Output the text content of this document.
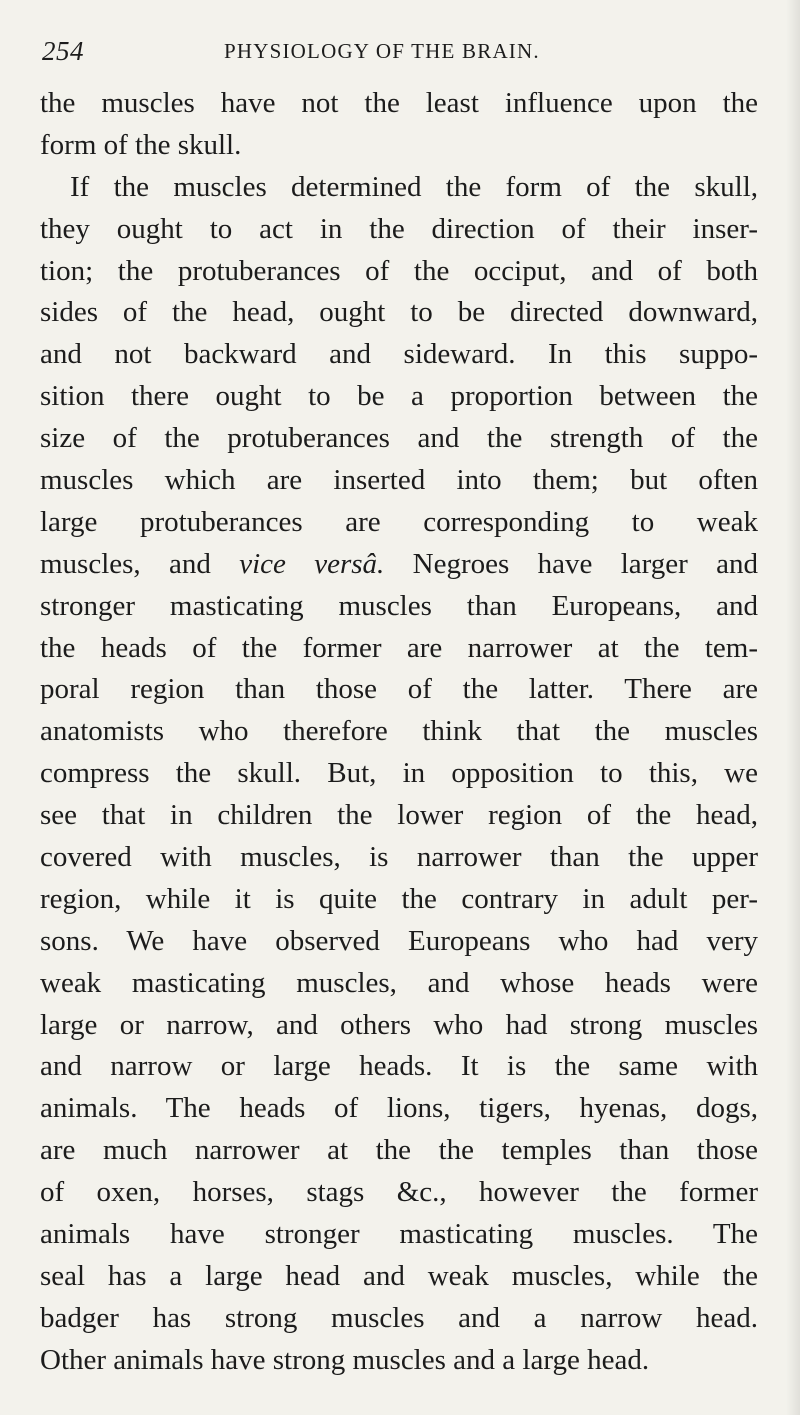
254	PHYSIOLOGY OF THE BRAIN.
the muscles have not the least influence upon the
form of the skull.
If the muscles determined the form of the skull,
they ought to act in the direction of their inser-
tion; the protuberances of the occiput, and of both
sides of the head, ought to be directed downward,
and not backward and sideward. In this suppo-
sition there ought to be a proportion between the
size of the protuberances and the strength of the
muscles which are inserted into them; but often
large protuberances are corresponding to weak
muscles, and vice versâ. Negroes have larger and
stronger masticating muscles than Europeans, and
the heads of the former are narrower at the tem-
poral region than those of the latter. There are
anatomists who therefore think that the muscles
compress the skull. But, in opposition to this, we
see that in children the lower region of the head,
covered with muscles, is narrower than the upper
region, while it is quite the contrary in adult per-
sons. We have observed Europeans who had very
weak masticating muscles, and whose heads were
large or narrow, and others who had strong muscles
and narrow or large heads. It is the same with
animals. The heads of lions, tigers, hyenas, dogs,
are much narrower at the the temples than those
of oxen, horses, stags &c., however the former
animals have stronger masticating muscles. The
seal has a large head and weak muscles, while the
badger has strong muscles and a narrow head.
Other animals have strong muscles and a large head.
